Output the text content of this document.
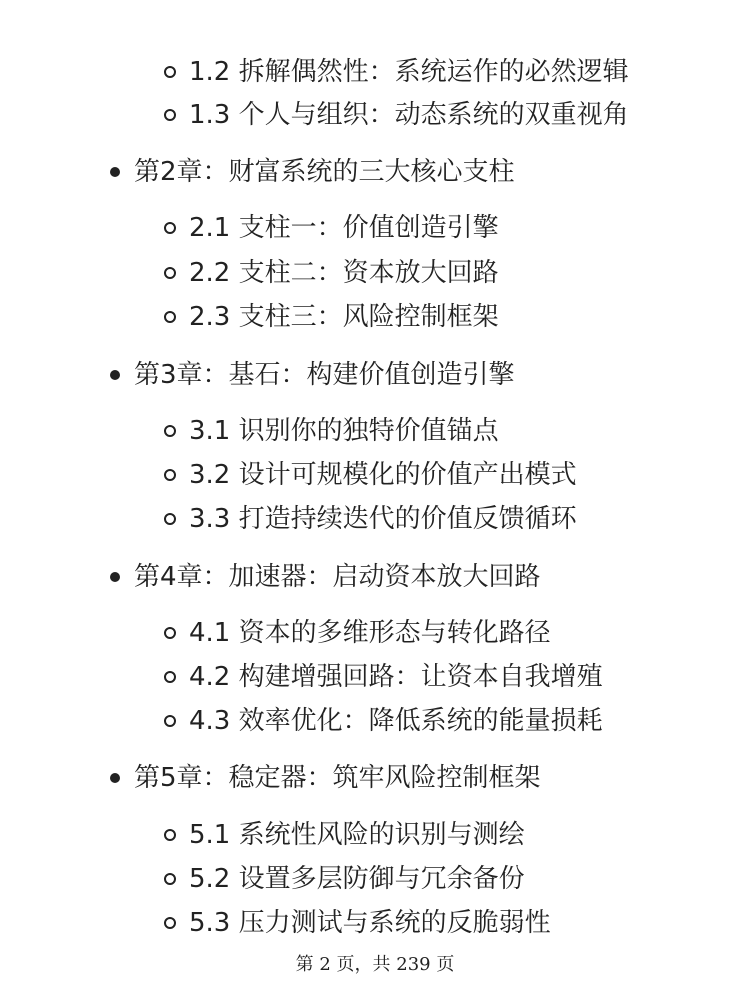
1.2 拆解偶然性：系统运作的必然逻辑
1.3 个人与组织：动态系统的双重视角
第2章：财富系统的三大核心支柱
2.1 支柱一：价值创造引擎
2.2 支柱二：资本放大回路
2.3 支柱三：风险控制框架
第3章：基石：构建价值创造引擎
3.1 识别你的独特价值锚点
3.2 设计可规模化的价值产出模式
3.3 打造持续迭代的价值反馈循环
第4章：加速器：启动资本放大回路
4.1 资本的多维形态与转化路径
4.2 构建增强回路：让资本自我增殖
4.3 效率优化：降低系统的能量损耗
第5章：稳定器：筑牢风险控制框架
5.1 系统性风险的识别与测绘
5.2 设置多层防御与冗余备份
5.3 压力测试与系统的反脆弱性
第 2 页，共 239 页
